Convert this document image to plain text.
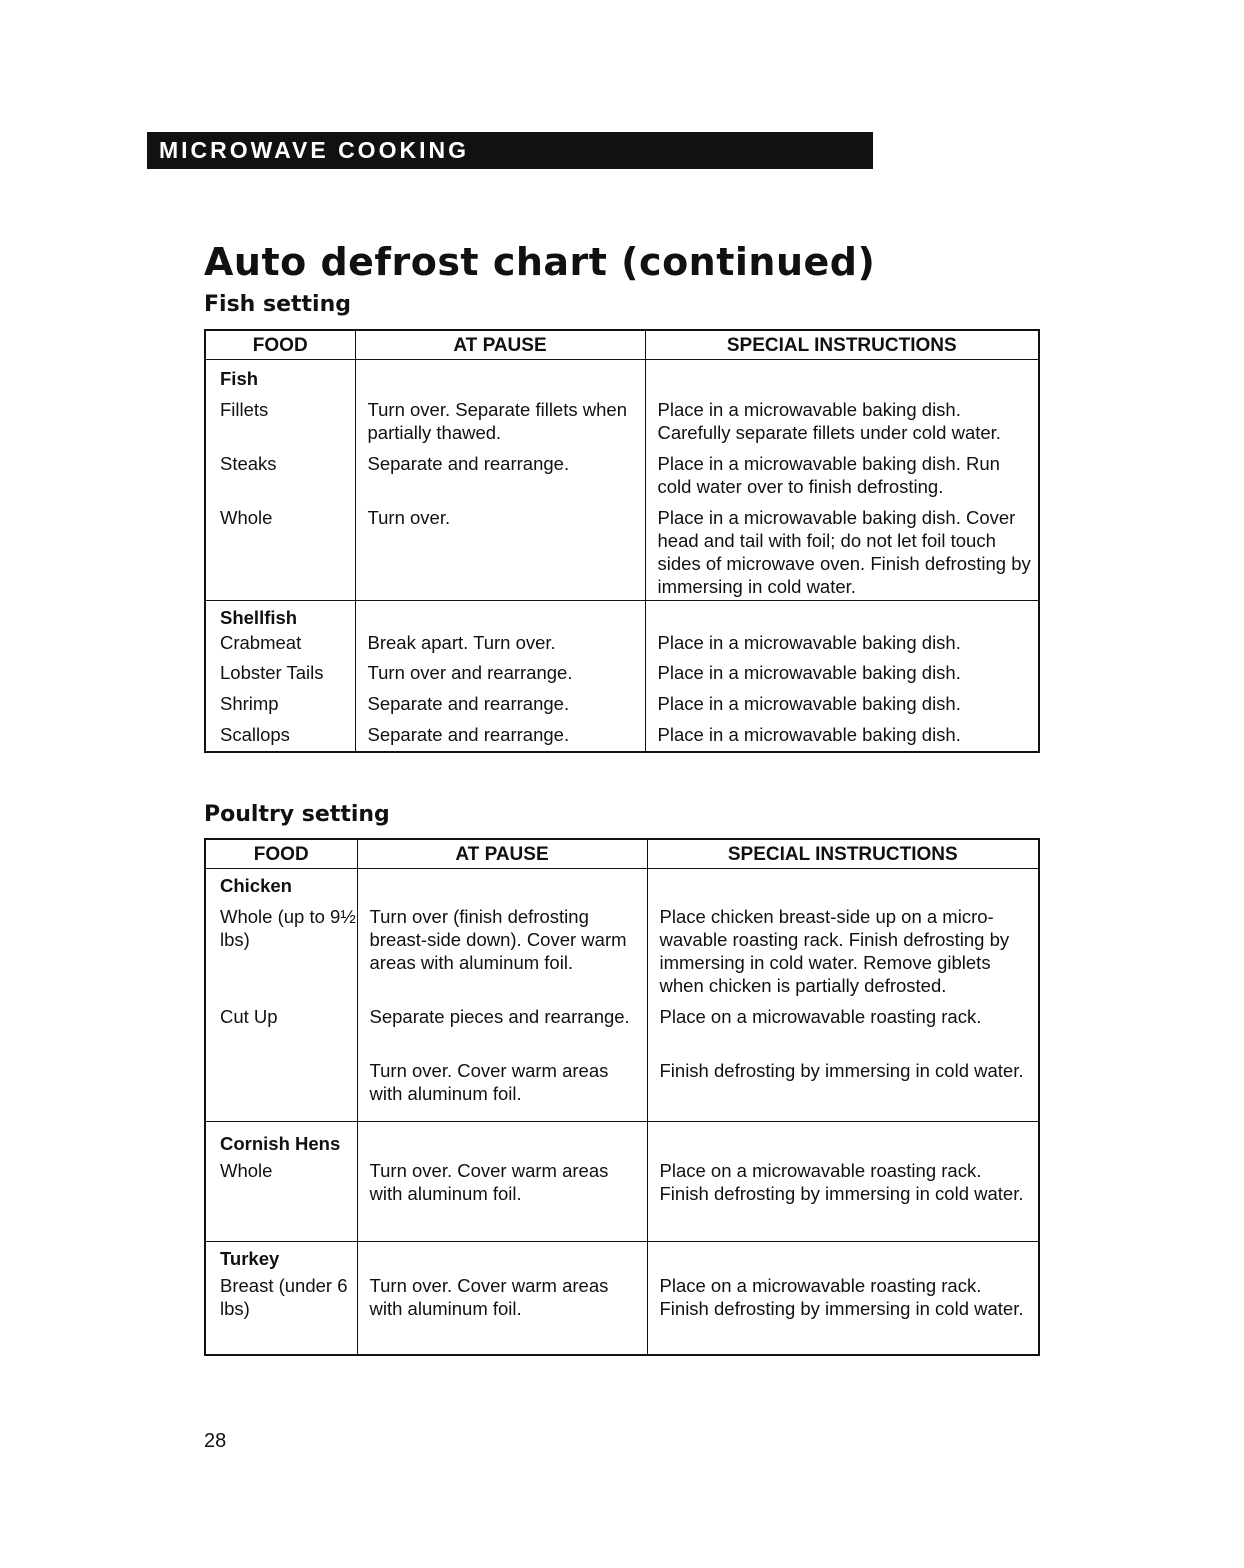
MICROWAVE COOKING
Auto defrost chart (continued)
Fish setting
FOOD	AT PAUSE	SPECIAL INSTRUCTIONS
Fish		
Fillets	Turn over. Separate fillets when partially thawed.	Place in a microwavable baking dish. Carefully separate fillets under cold water.
Steaks	Separate and rearrange.	Place in a microwavable baking dish. Run cold water over to finish defrosting.
Whole	Turn over.	Place in a microwavable baking dish. Cover head and tail with foil; do not let foil touch sides of microwave oven. Finish defrosting by immersing in cold water.
Shellfish		
Crabmeat	Break apart. Turn over.	Place in a microwavable baking dish.
Lobster Tails	Turn over and rearrange.	Place in a microwavable baking dish.
Shrimp	Separate and rearrange.	Place in a microwavable baking dish.
Scallops	Separate and rearrange.	Place in a microwavable baking dish.
Poultry setting
FOOD	AT PAUSE	SPECIAL INSTRUCTIONS
Chicken		
Whole (up to 9½ lbs)	Turn over (finish defrosting breast-side down). Cover warm areas with aluminum foil.	Place chicken breast-side up on a micro-wavable roasting rack. Finish defrosting by immersing in cold water. Remove giblets when chicken is partially defrosted.
Cut Up	Separate pieces and rearrange.	Place on a microwavable roasting rack.
	Turn over. Cover warm areas with aluminum foil.	Finish defrosting by immersing in cold water.
Cornish Hens		
Whole	Turn over. Cover warm areas with aluminum foil.	Place on a microwavable roasting rack. Finish defrosting by immersing in cold water.
Turkey		
Breast (under 6 lbs)	Turn over. Cover warm areas with aluminum foil.	Place on a microwavable roasting rack. Finish defrosting by immersing in cold water.
28
